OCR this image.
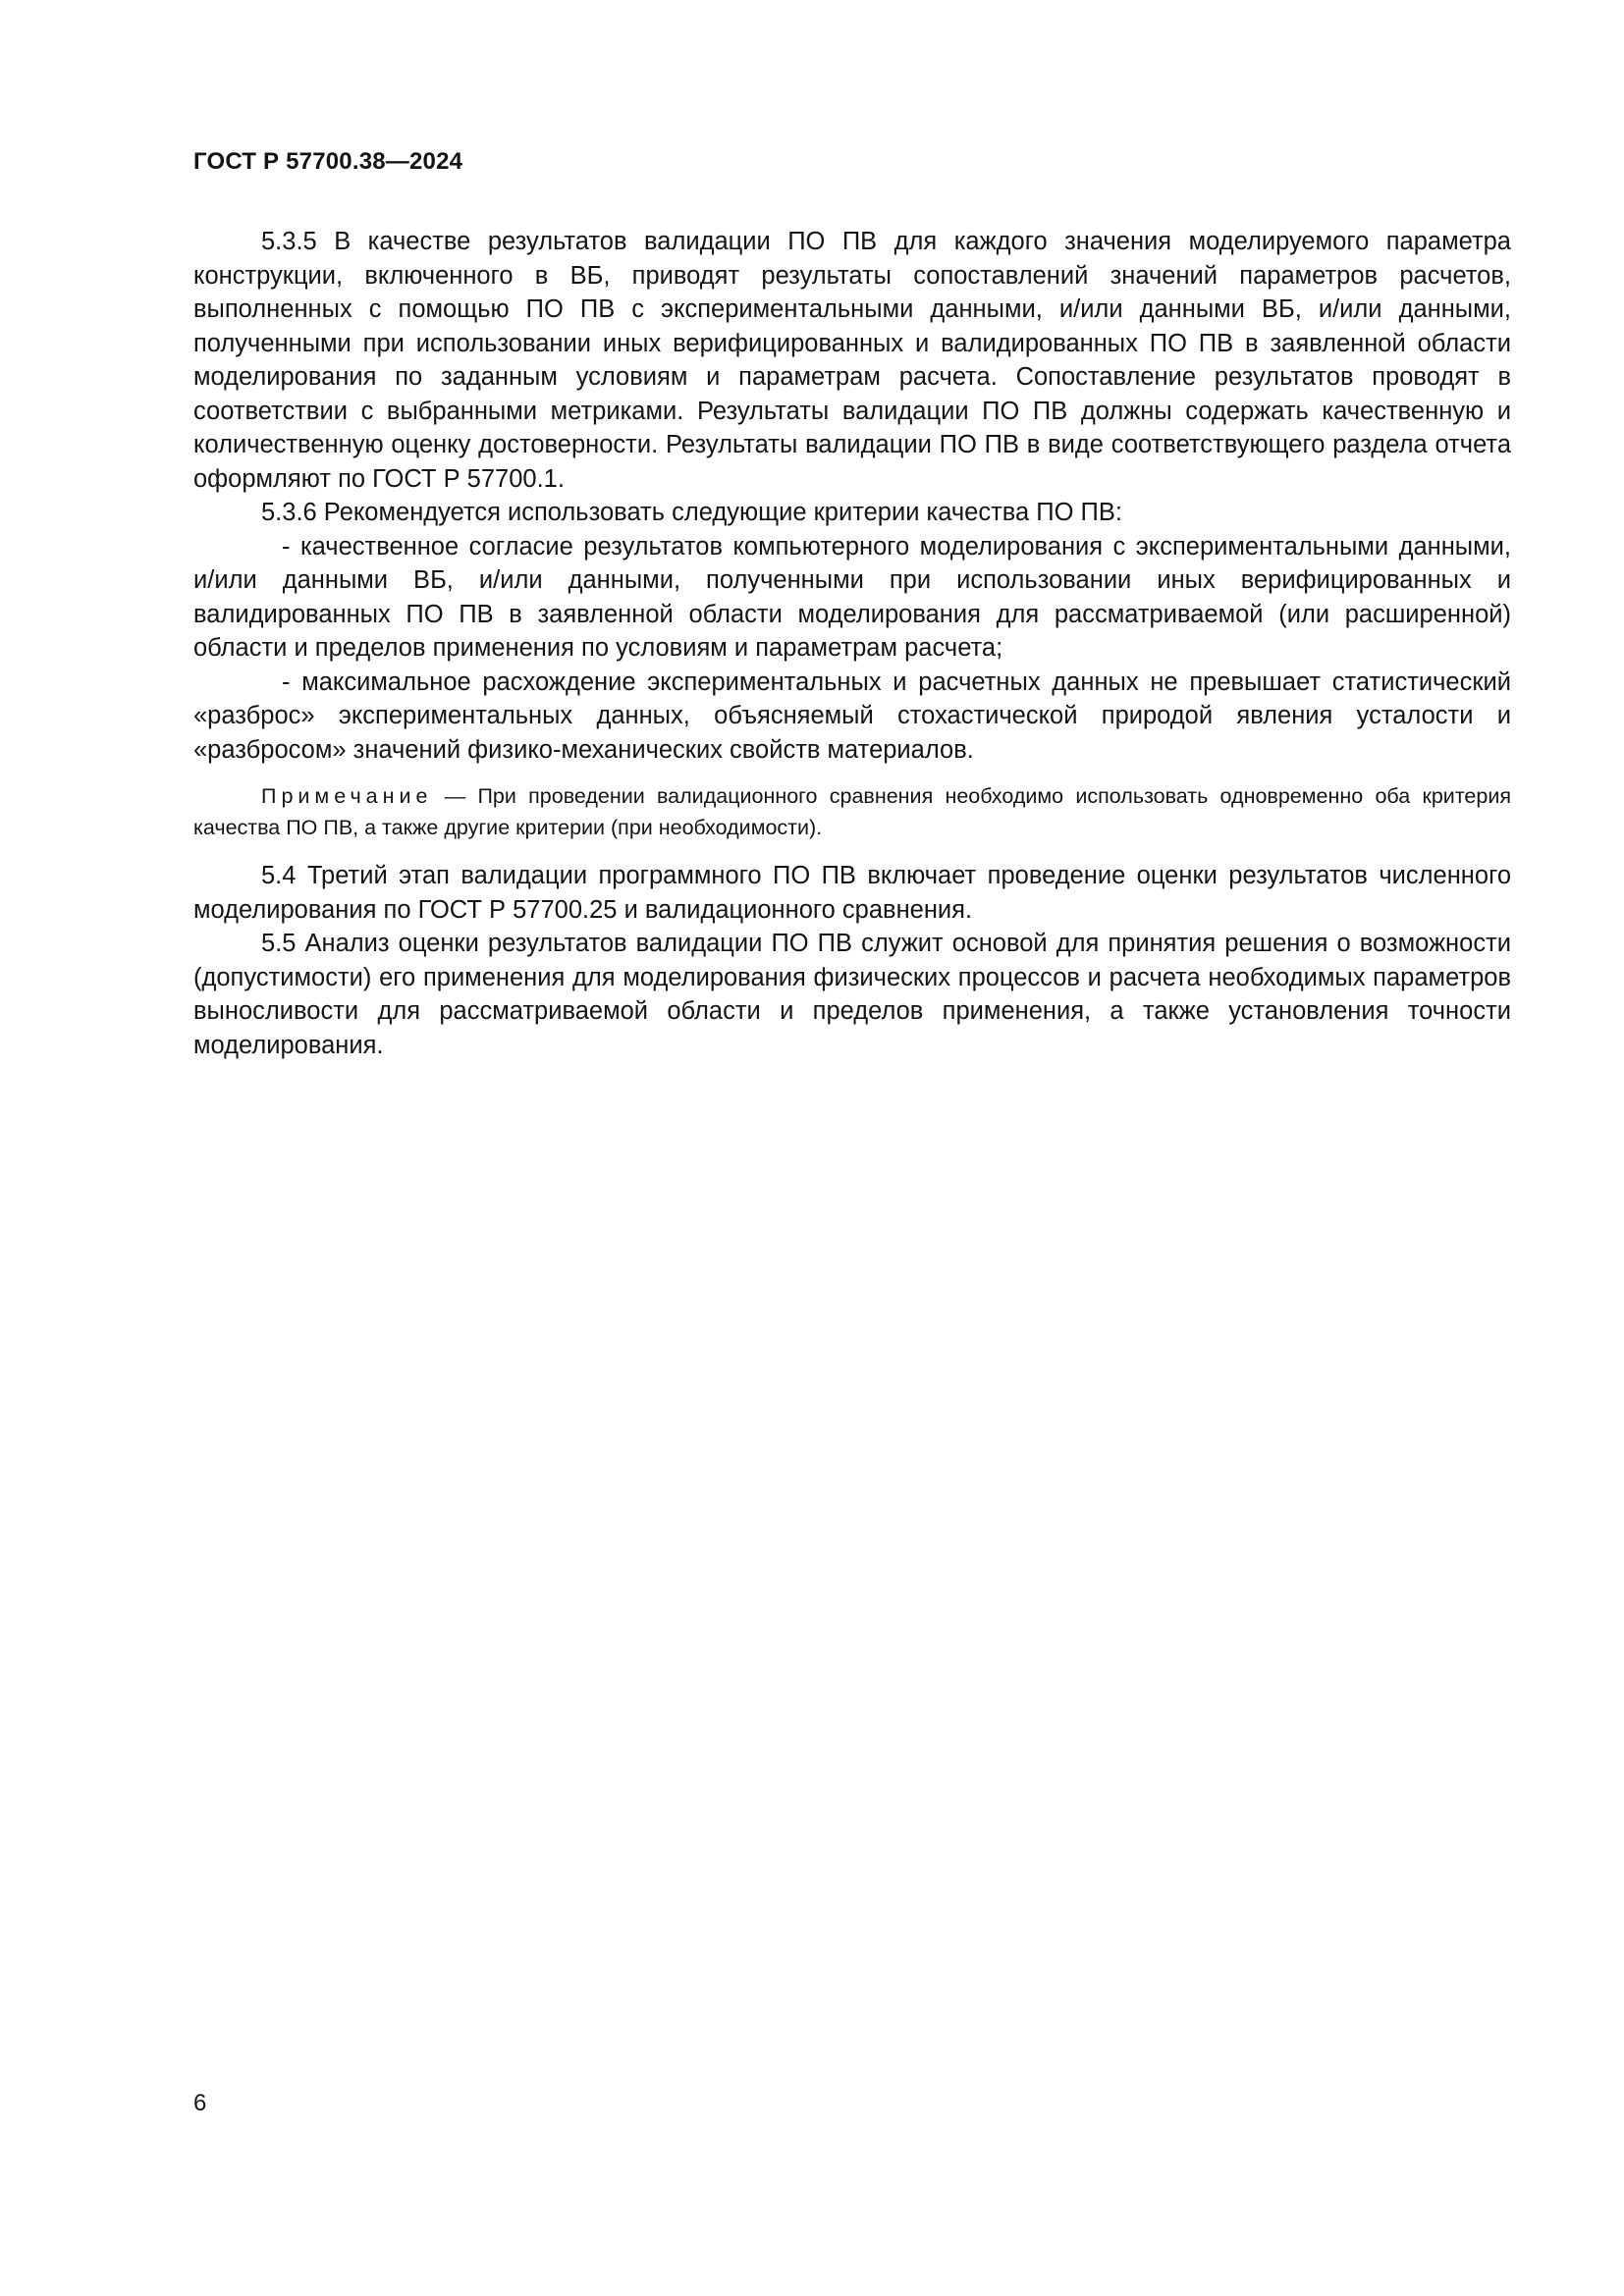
ГОСТ Р 57700.38—2024

5.3.5 В качестве результатов валидации ПО ПВ для каждого значения моделируемого параметра конструкции, включенного в ВБ, приводят результаты сопоставлений значений параметров расчетов, выполненных с помощью ПО ПВ с экспериментальными данными, и/или данными ВБ, и/или данными, полученными при использовании иных верифицированных и валидированных ПО ПВ в заявленной области моделирования по заданным условиям и параметрам расчета. Сопоставление результатов проводят в соответствии с выбранными метриками. Результаты валидации ПО ПВ должны содержать качественную и количественную оценку достоверности. Результаты валидации ПО ПВ в виде соответствующего раздела отчета оформляют по ГОСТ Р 57700.1.

5.3.6 Рекомендуется использовать следующие критерии качества ПО ПВ:

- качественное согласие результатов компьютерного моделирования с экспериментальными данными, и/или данными ВБ, и/или данными, полученными при использовании иных верифицированных и валидированных ПО ПВ в заявленной области моделирования для рассматриваемой (или расширенной) области и пределов применения по условиям и параметрам расчета;

- максимальное расхождение экспериментальных и расчетных данных не превышает статистический «разброс» экспериментальных данных, объясняемый стохастической природой явления усталости и «разбросом» значений физико-механических свойств материалов.

Примечание — При проведении валидационного сравнения необходимо использовать одновременно оба критерия качества ПО ПВ, а также другие критерии (при необходимости).

5.4 Третий этап валидации программного ПО ПВ включает проведение оценки результатов численного моделирования по ГОСТ Р 57700.25 и валидационного сравнения.

5.5 Анализ оценки результатов валидации ПО ПВ служит основой для принятия решения о возможности (допустимости) его применения для моделирования физических процессов и расчета необходимых параметров выносливости для рассматриваемой области и пределов применения, а также установления точности моделирования.

6
